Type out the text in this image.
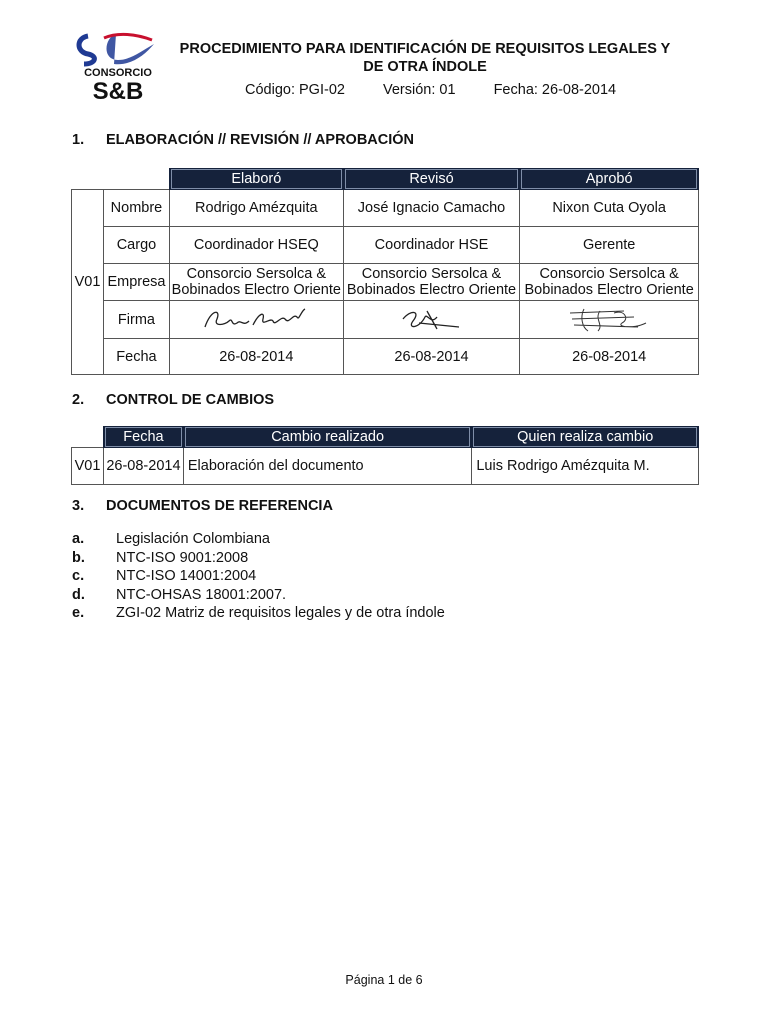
CONSORCIO
S&B
PROCEDIMIENTO PARA IDENTIFICACIÓN DE REQUISITOS LEGALES Y DE OTRA ÍNDOLE
Código: PGI-02	Versión: 01	Fecha: 26-08-2014
1. ELABORACIÓN // REVISIÓN // APROBACIÓN

		Elaboró	Revisó	Aprobó

V01	Nombre	Rodrigo Amézquita	José Ignacio Camacho	Nixon Cuta Oyola
	Cargo	Coordinador HSEQ	Coordinador HSE	Gerente
	Empresa	Consorcio Sersolca & Bobinados Electro Oriente	Consorcio Sersolca & Bobinados Electro Oriente	Consorcio Sersolca & Bobinados Electro Oriente
	Firma	

	Fecha	26-08-2014	26-08-2014	26-08-2014
2. CONTROL DE CAMBIOS

	Fecha	Cambio realizado	Quien realiza cambio

V01	26-08-2014	Elaboración del documento	Luis Rodrigo Amézquita M.
3. DOCUMENTOS DE REFERENCIA
a.	Legislación Colombiana
b.	NTC-ISO 9001:2008
c.	NTC-ISO 14001:2004
d.	NTC-OHSAS 18001:2007.
e.	ZGI-02 Matriz de requisitos legales y de otra índole
Página 1 de 6
